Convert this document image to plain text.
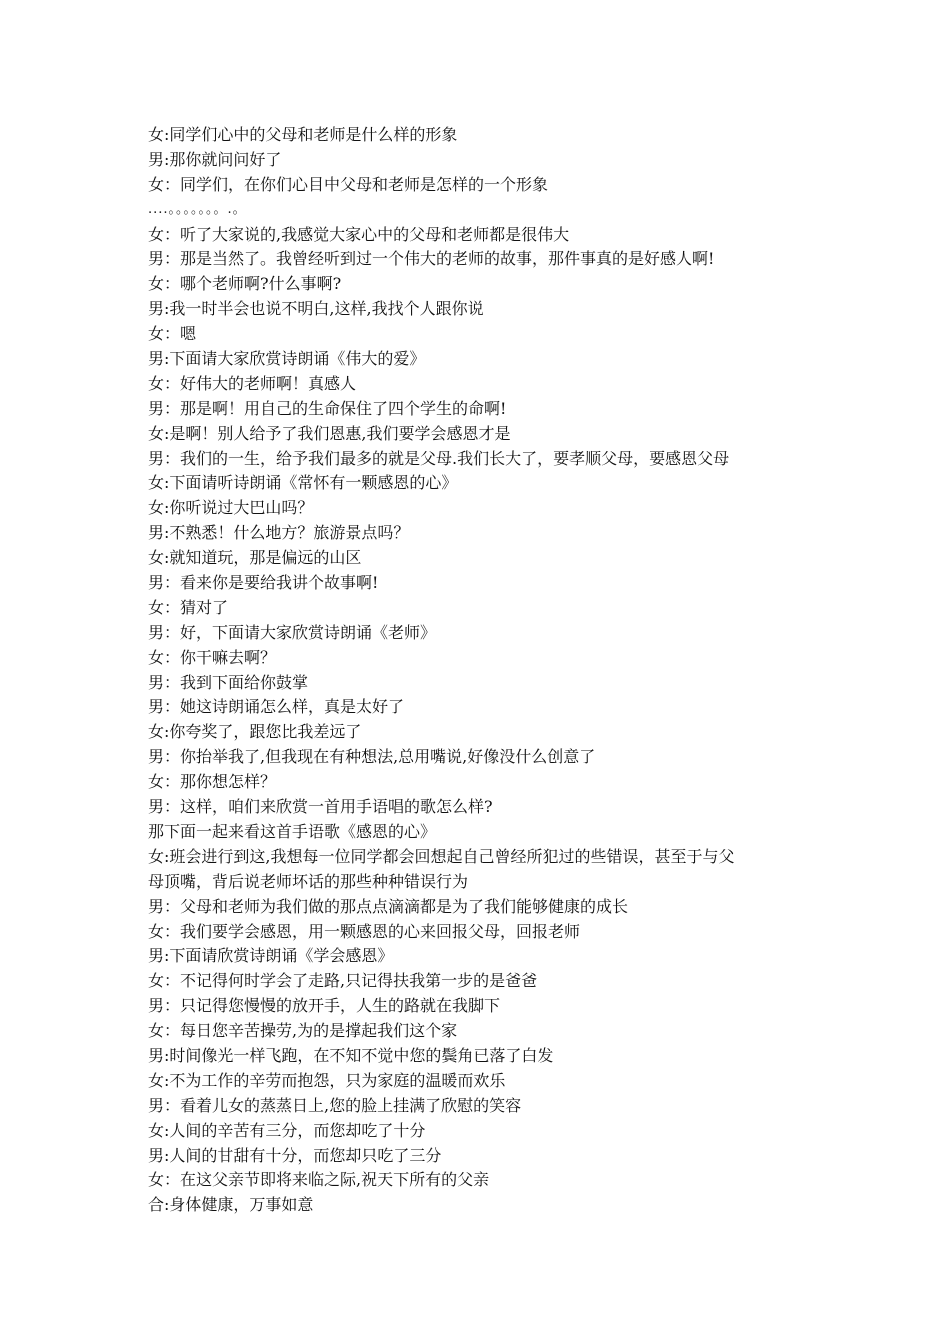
女:同学们心中的父母和老师是什么样的形象
男:那你就问问好了
女：同学们，在你们心目中父母和老师是怎样的一个形象
....。。。。。。。.。
女：听了大家说的,我感觉大家心中的父母和老师都是很伟大
男：那是当然了。我曾经听到过一个伟大的老师的故事，那件事真的是好感人啊!
女：哪个老师啊?什么事啊?
男:我一时半会也说不明白,这样,我找个人跟你说
女：嗯
男:下面请大家欣赏诗朗诵《伟大的爱》
女：好伟大的老师啊！真感人
男：那是啊！用自己的生命保住了四个学生的命啊!
女:是啊！别人给予了我们恩惠,我们要学会感恩才是
男：我们的一生，给予我们最多的就是父母.我们长大了，要孝顺父母，要感恩父母
女:下面请听诗朗诵《常怀有一颗感恩的心》
女:你听说过大巴山吗？
男:不熟悉！什么地方？旅游景点吗？
女:就知道玩，那是偏远的山区
男：看来你是要给我讲个故事啊!
女：猜对了
男：好，下面请大家欣赏诗朗诵《老师》
女：你干嘛去啊？
男：我到下面给你鼓掌
男：她这诗朗诵怎么样，真是太好了
女:你夸奖了，跟您比我差远了
男：你抬举我了,但我现在有种想法,总用嘴说,好像没什么创意了
女：那你想怎样？
男：这样，咱们来欣赏一首用手语唱的歌怎么样?
那下面一起来看这首手语歌《感恩的心》
女:班会进行到这,我想每一位同学都会回想起自己曾经所犯过的些错误，甚至于与父
母顶嘴，背后说老师坏话的那些种种错误行为
男：父母和老师为我们做的那点点滴滴都是为了我们能够健康的成长
女：我们要学会感恩，用一颗感恩的心来回报父母，回报老师
男:下面请欣赏诗朗诵《学会感恩》
女：不记得何时学会了走路,只记得扶我第一步的是爸爸
男：只记得您慢慢的放开手，人生的路就在我脚下
女：每日您辛苦操劳,为的是撑起我们这个家
男:时间像光一样飞跑，在不知不觉中您的鬓角已落了白发
女:不为工作的辛劳而抱怨，只为家庭的温暖而欢乐
男：看着儿女的蒸蒸日上,您的脸上挂满了欣慰的笑容
女:人间的辛苦有三分，而您却吃了十分
男:人间的甘甜有十分，而您却只吃了三分
女：在这父亲节即将来临之际,祝天下所有的父亲
合:身体健康，万事如意
